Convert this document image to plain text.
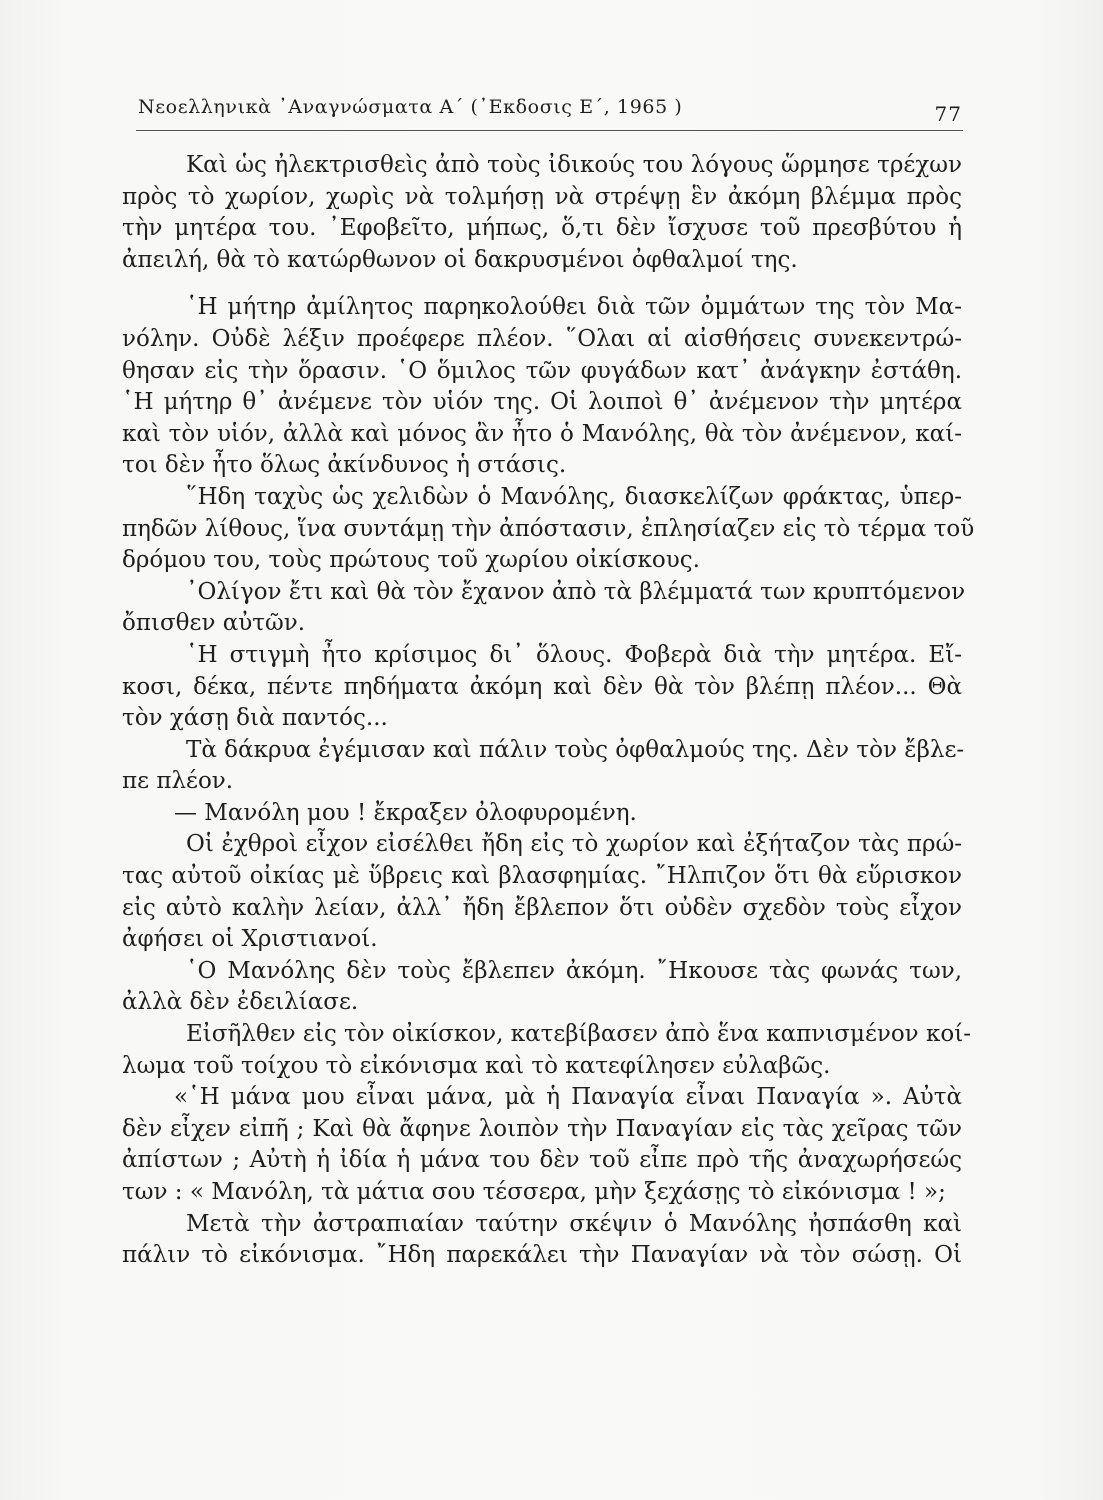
Νεοελληνικὰ ᾿Αναγνώσματα Α´ (᾿Εκδοσις Ε´, 1965 )	77
Καὶ ὡς ἠλεκτρισθεὶς ἀπὸ τοὺς ἰδικούς του λόγους ὥρμησε τρέχων
πρὸς τὸ χωρίον, χωρὶς νὰ τολμήσῃ νὰ στρέψῃ ἓν ἀκόμη βλέμμα πρὸς
τὴν μητέρα του. ᾿Εφοβεῖτο, μήπως, ὅ,τι δὲν ἴσχυσε τοῦ πρεσβύτου ἡ
ἀπειλή, θὰ τὸ κατώρθωνον οἱ δακρυσμένοι ὀφθαλμοί της.
῾Η μήτηρ ἀμίλητος παρηκολούθει διὰ τῶν ὀμμάτων της τὸν Μα-
νόλην. Οὐδὲ λέξιν προέφερε πλέον. ῞Ολαι αἱ αἰσθήσεις συνεκεντρώ-
θησαν εἰς τὴν ὅρασιν. ῾Ο ὅμιλος τῶν φυγάδων κατ᾿ ἀνάγκην ἐστάθη.
῾Η μήτηρ θ᾿ ἀνέμενε τὸν υἱόν της. Οἱ λοιποὶ θ᾿ ἀνέμενον τὴν μητέρα
καὶ τὸν υἱόν, ἀλλὰ καὶ μόνος ἂν ἦτο ὁ Μανόλης, θὰ τὸν ἀνέμενον, καί-
τοι δὲν ἦτο ὅλως ἀκίνδυνος ἡ στάσις.
῞Ηδη ταχὺς ὡς χελιδὼν ὁ Μανόλης, διασκελίζων φράκτας, ὑπερ-
πηδῶν λίθους, ἵνα συντάμῃ τὴν ἀπόστασιν, ἐπλησίαζεν εἰς τὸ τέρμα τοῦ
δρόμου του, τοὺς πρώτους τοῦ χωρίου οἰκίσκους.
᾿Ολίγον ἔτι καὶ θὰ τὸν ἔχανον ἀπὸ τὰ βλέμματά των κρυπτόμενον
ὄπισθεν αὐτῶν.
῾Η στιγμὴ ἦτο κρίσιμος δι᾿ ὅλους. Φοβερὰ διὰ τὴν μητέρα. Εἴ-
κοσι, δέκα, πέντε πηδήματα ἀκόμη καὶ δὲν θὰ τὸν βλέπῃ πλέον... Θὰ
τὸν χάσῃ διὰ παντός...
Τὰ δάκρυα ἐγέμισαν καὶ πάλιν τοὺς ὀφθαλμούς της. Δὲν τὸν ἔβλε-
πε πλέον.
— Μανόλη μου ! ἔκραξεν ὀλοφυρομένη.
Οἱ ἐχθροὶ εἶχον εἰσέλθει ἤδη εἰς τὸ χωρίον καὶ ἐξήταζον τὰς πρώ-
τας αὐτοῦ οἰκίας μὲ ὕβρεις καὶ βλασφημίας. ῎Ηλπιζον ὅτι θὰ εὕρισκον
εἰς αὐτὸ καλὴν λείαν, ἀλλ᾿ ἤδη ἔβλεπον ὅτι οὐδὲν σχεδὸν τοὺς εἶχον
ἀφήσει οἱ Χριστιανοί.
῾Ο Μανόλης δὲν τοὺς ἔβλεπεν ἀκόμη. ῎Ηκουσε τὰς φωνάς των,
ἀλλὰ δὲν ἐδειλίασε.
Εἰσῆλθεν εἰς τὸν οἰκίσκον, κατεβίβασεν ἀπὸ ἕνα καπνισμένον κοί-
λωμα τοῦ τοίχου τὸ εἰκόνισμα καὶ τὸ κατεφίλησεν εὐλαβῶς.
«῾Η μάνα μου εἶναι μάνα, μὰ ἡ Παναγία εἶναι Παναγία ». Αὐτὰ
δὲν εἶχεν εἰπῆ ; Καὶ θὰ ἄφηνε λοιπὸν τὴν Παναγίαν εἰς τὰς χεῖρας τῶν
ἀπίστων ; Αὐτὴ ἡ ἰδία ἡ μάνα του δὲν τοῦ εἶπε πρὸ τῆς ἀναχωρήσεώς
των : « Μανόλη, τὰ μάτια σου τέσσερα, μὴν ξεχάσῃς τὸ εἰκόνισμα ! »;
Μετὰ τὴν ἀστραπιαίαν ταύτην σκέψιν ὁ Μανόλης ἠσπάσθη καὶ
πάλιν τὸ εἰκόνισμα. ῎Ηδη παρεκάλει τὴν Παναγίαν νὰ τὸν σώσῃ. Οἱ
